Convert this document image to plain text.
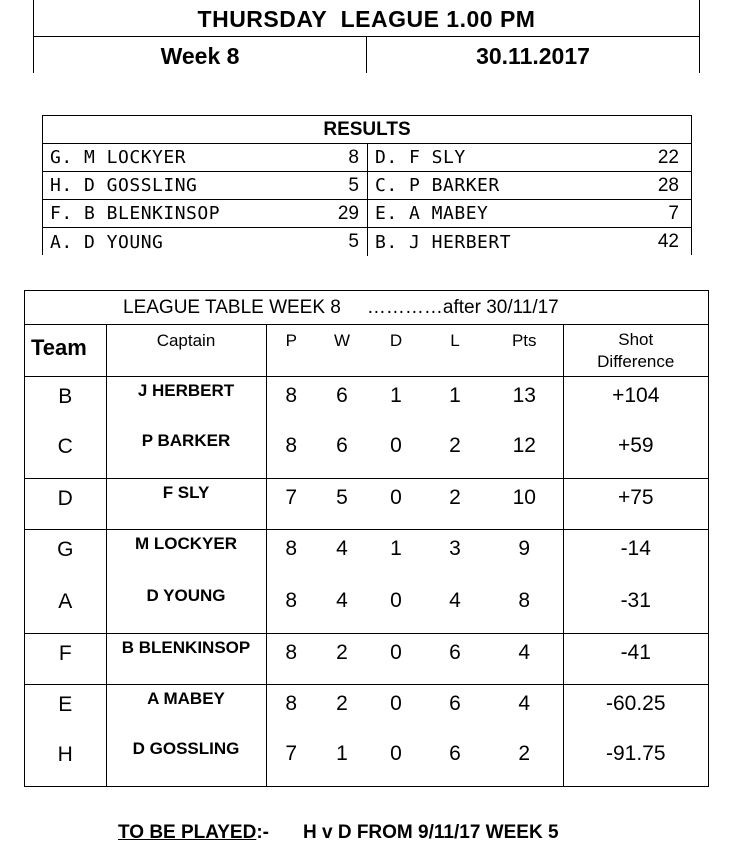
THURSDAY  LEAGUE 1.00 PM
Week 8	30.11.2017
RESULTS
G. M LOCKYER	8 D. F SLY	22
H. D GOSSLING	5 C. P BARKER	28
F. B BLENKINSOP	29 E. A MABEY	7
A. D YOUNG	5 B. J HERBERT	42
LEAGUE TABLE WEEK 8 …………after 30/11/17
Team	Captain	P	W	D	L	Pts	Shot
Difference

B	J HERBERT	8	6	1	1	13	+104
C	P BARKER	8	6	0	2	12	+59
D	F SLY	7	5	0	2	10	+75
G	M LOCKYER	8	4	1	3	9	-14
A	D YOUNG	8	4	0	4	8	-31
F	B BLENKINSOP	8	2	0	6	4	-41
E	A MABEY	8	2	0	6	4	-60.25
H	D GOSSLING	7	1	0	6	2	-91.75
TO BE PLAYED:- H v D FROM 9/11/17 WEEK 5
